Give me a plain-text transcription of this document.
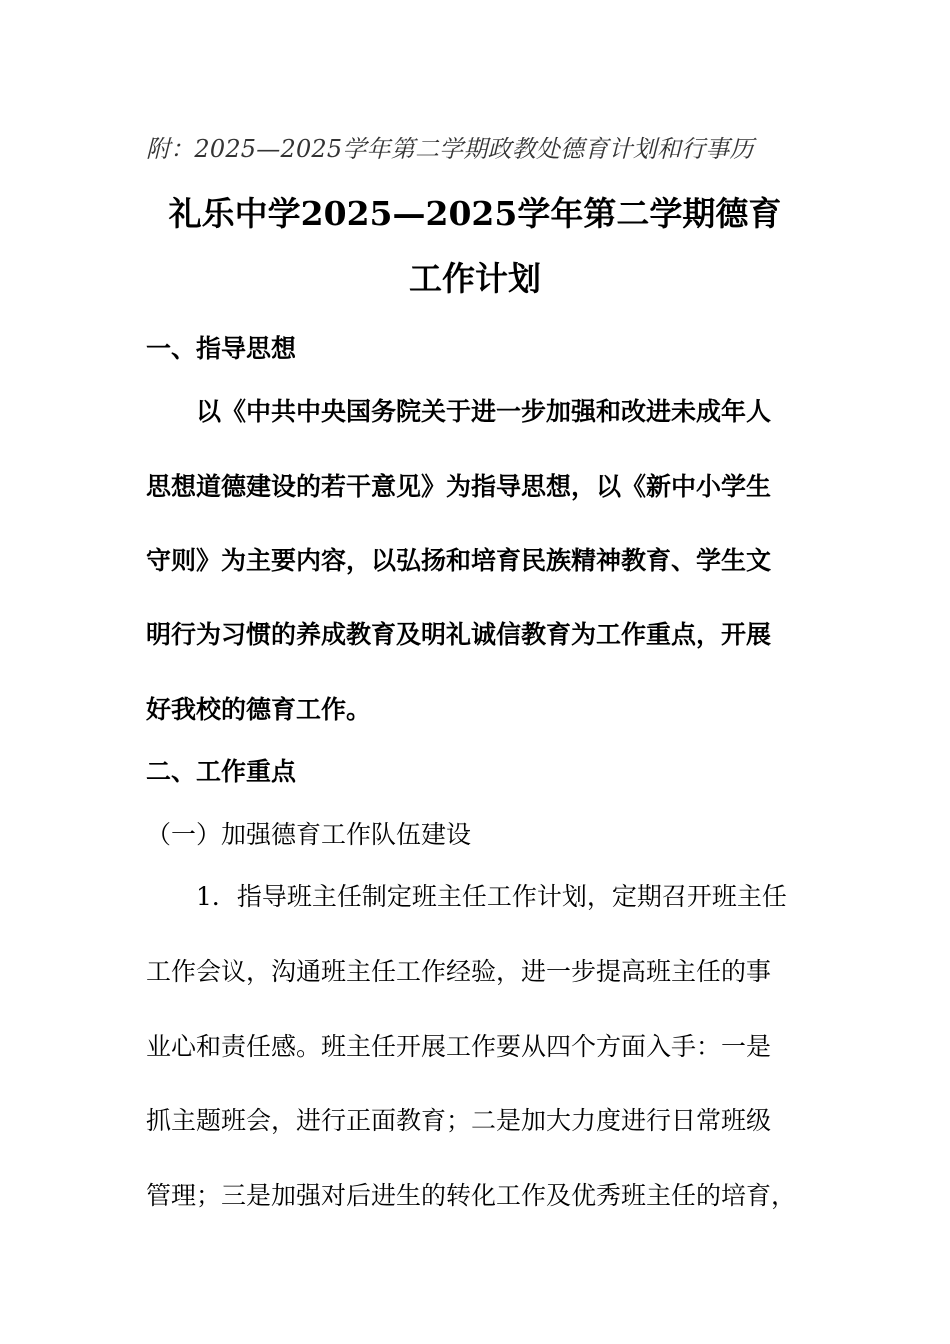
附：2025—2025学年第二学期政教处德育计划和行事历
礼乐中学2025—2025学年第二学期德育
工作计划
一、指导思想
以《中共中央国务院关于进一步加强和改进未成年人
思想道德建设的若干意见》为指导思想，以《新中小学生
守则》为主要内容，以弘扬和培育民族精神教育、学生文
明行为习惯的养成教育及明礼诚信教育为工作重点，开展
好我校的德育工作。
二、工作重点
（一）加强德育工作队伍建设
1．指导班主任制定班主任工作计划，定期召开班主任
工作会议，沟通班主任工作经验，进一步提高班主任的事
业心和责任感。班主任开展工作要从四个方面入手：一是
抓主题班会，进行正面教育；二是加大力度进行日常班级
管理；三是加强对后进生的转化工作及优秀班主任的培育，
